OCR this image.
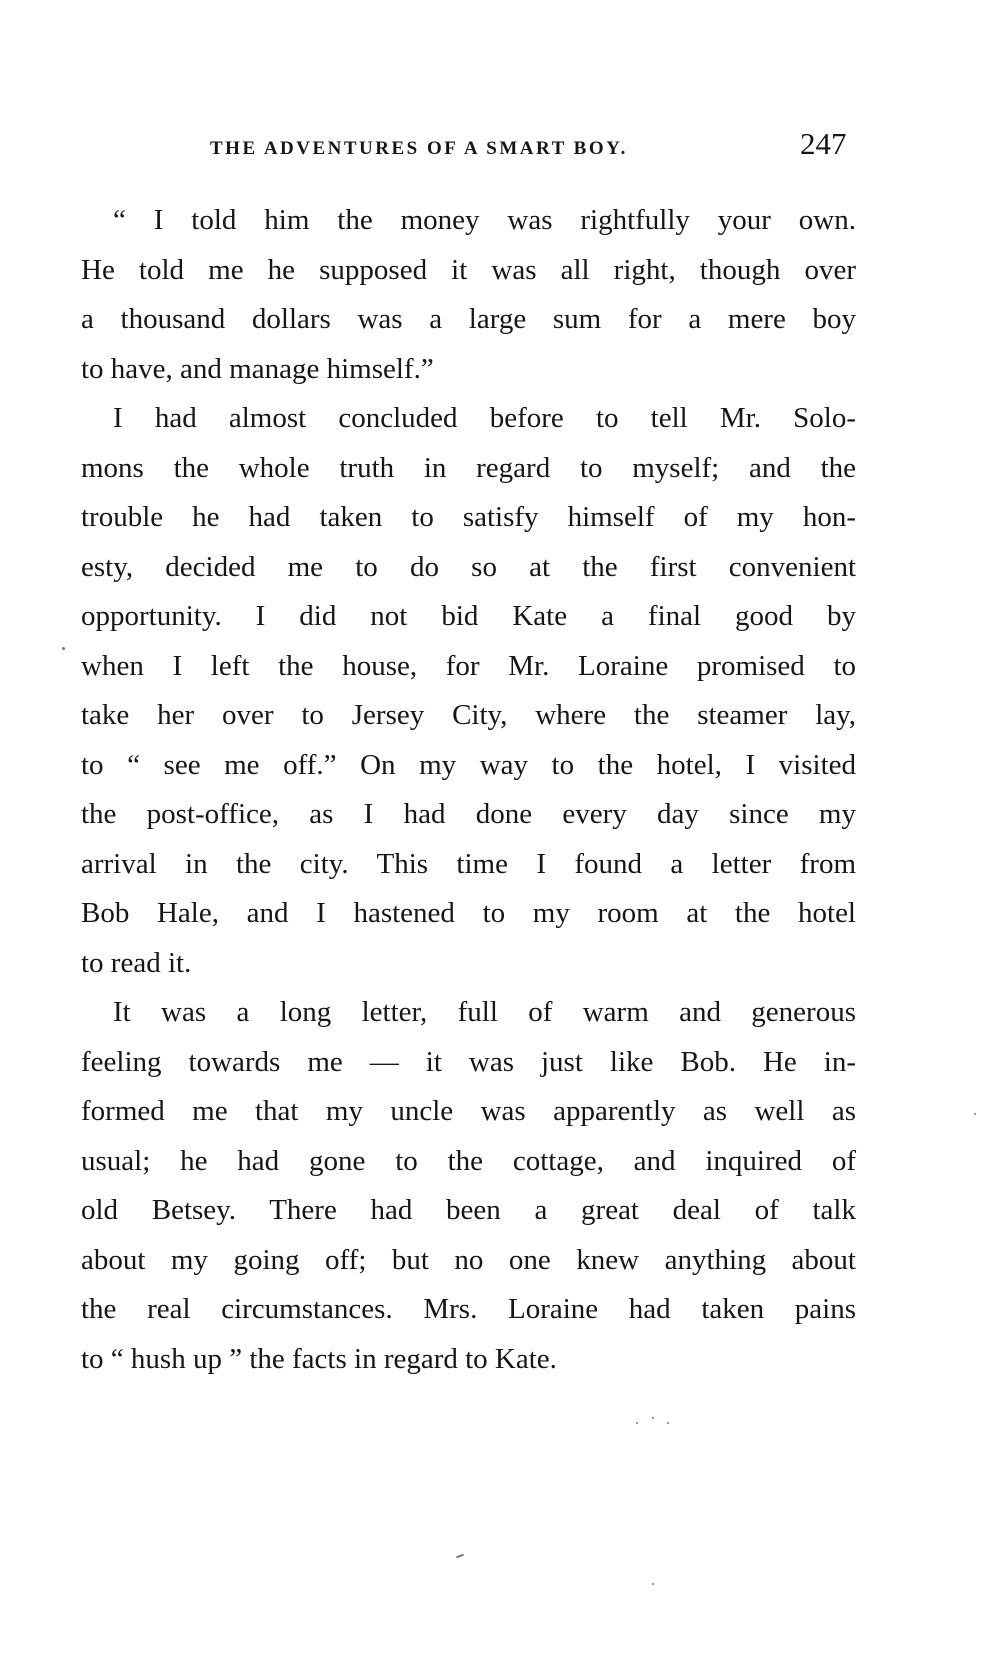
THE ADVENTURES OF A SMART BOY.	247
“ I told him the money was rightfully your own.
He told me he supposed it was all right, though over
a thousand dollars was a large sum for a mere boy
to have, and manage himself.”
I had almost concluded before to tell Mr. Solo-
mons the whole truth in regard to myself; and the
trouble he had taken to satisfy himself of my hon-
esty, decided me to do so at the first convenient
opportunity. I did not bid Kate a final good by
when I left the house, for Mr. Loraine promised to
take her over to Jersey City, where the steamer lay,
to “ see me off.” On my way to the hotel, I visited
the post-office, as I had done every day since my
arrival in the city. This time I found a letter from
Bob Hale, and I hastened to my room at the hotel
to read it.
It was a long letter, full of warm and generous
feeling towards me — it was just like Bob. He in-
formed me that my uncle was apparently as well as
usual; he had gone to the cottage, and inquired of
old Betsey. There had been a great deal of talk
about my going off; but no one knew anything about
the real circumstances. Mrs. Loraine had taken pains
to “ hush up ” the facts in regard to Kate.
